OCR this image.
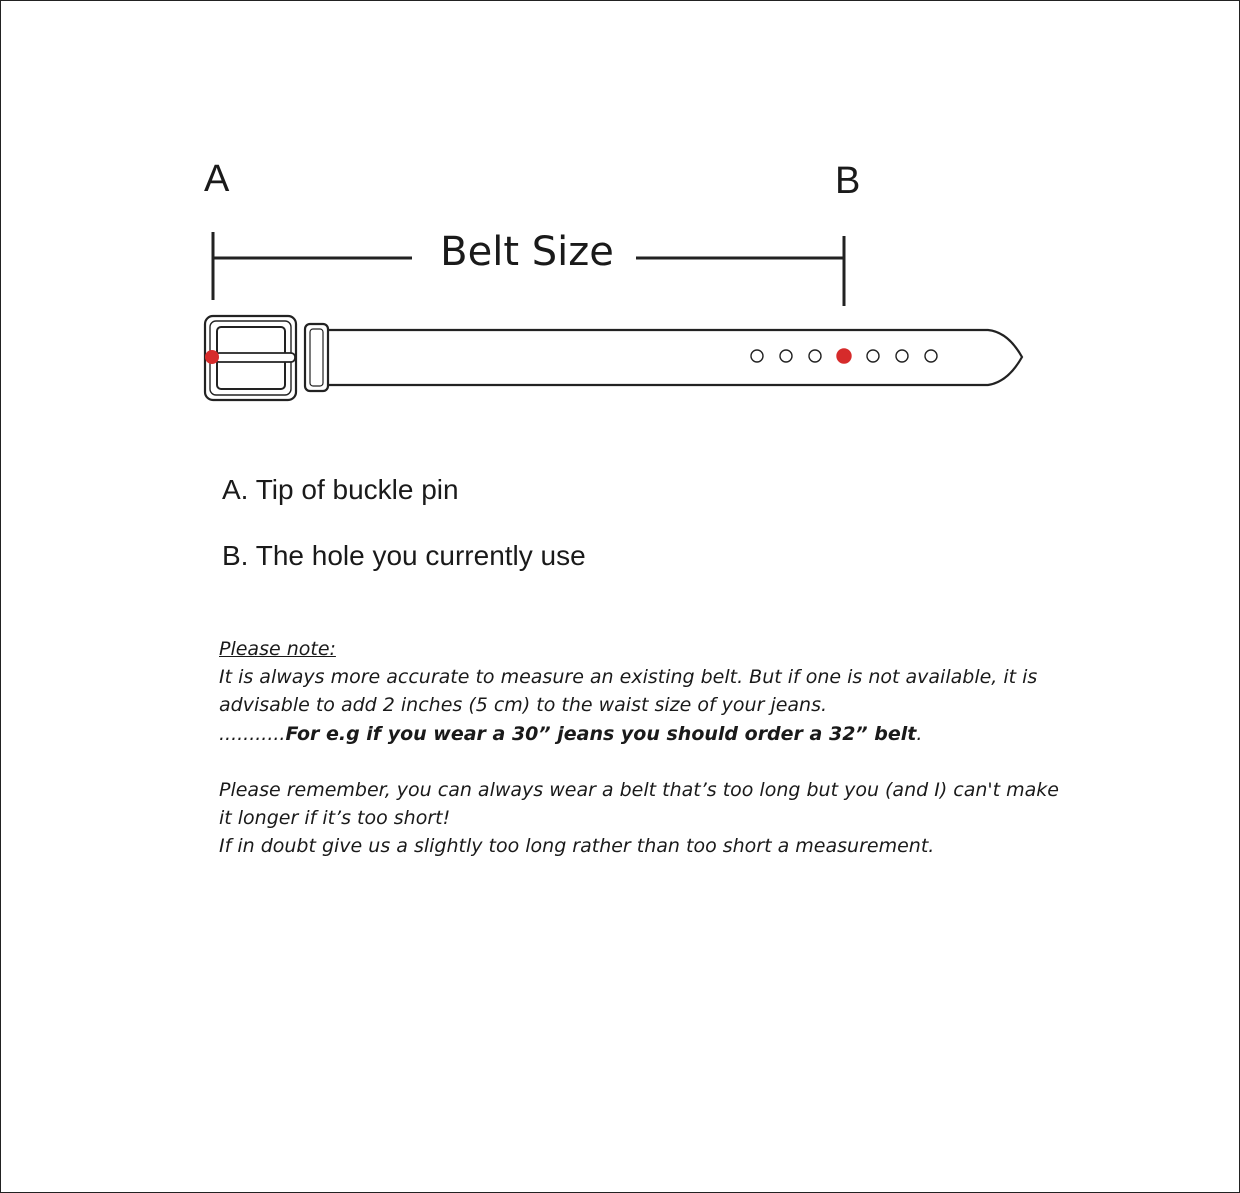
A	B
Belt Size
A. Tip of buckle pin
B. The hole you currently use

Please note:

It is always more accurate to measure an existing belt. But if one is not available, it is

advisable to add 2 inches (5 cm) to the waist size of your jeans.

...........For e.g if you wear a 30” jeans you should order a 32” belt.

Please remember, you can always wear a belt that’s too long but you (and I) can't make

it longer if it’s too short!

If in doubt give us a slightly too long rather than too short a measurement.
